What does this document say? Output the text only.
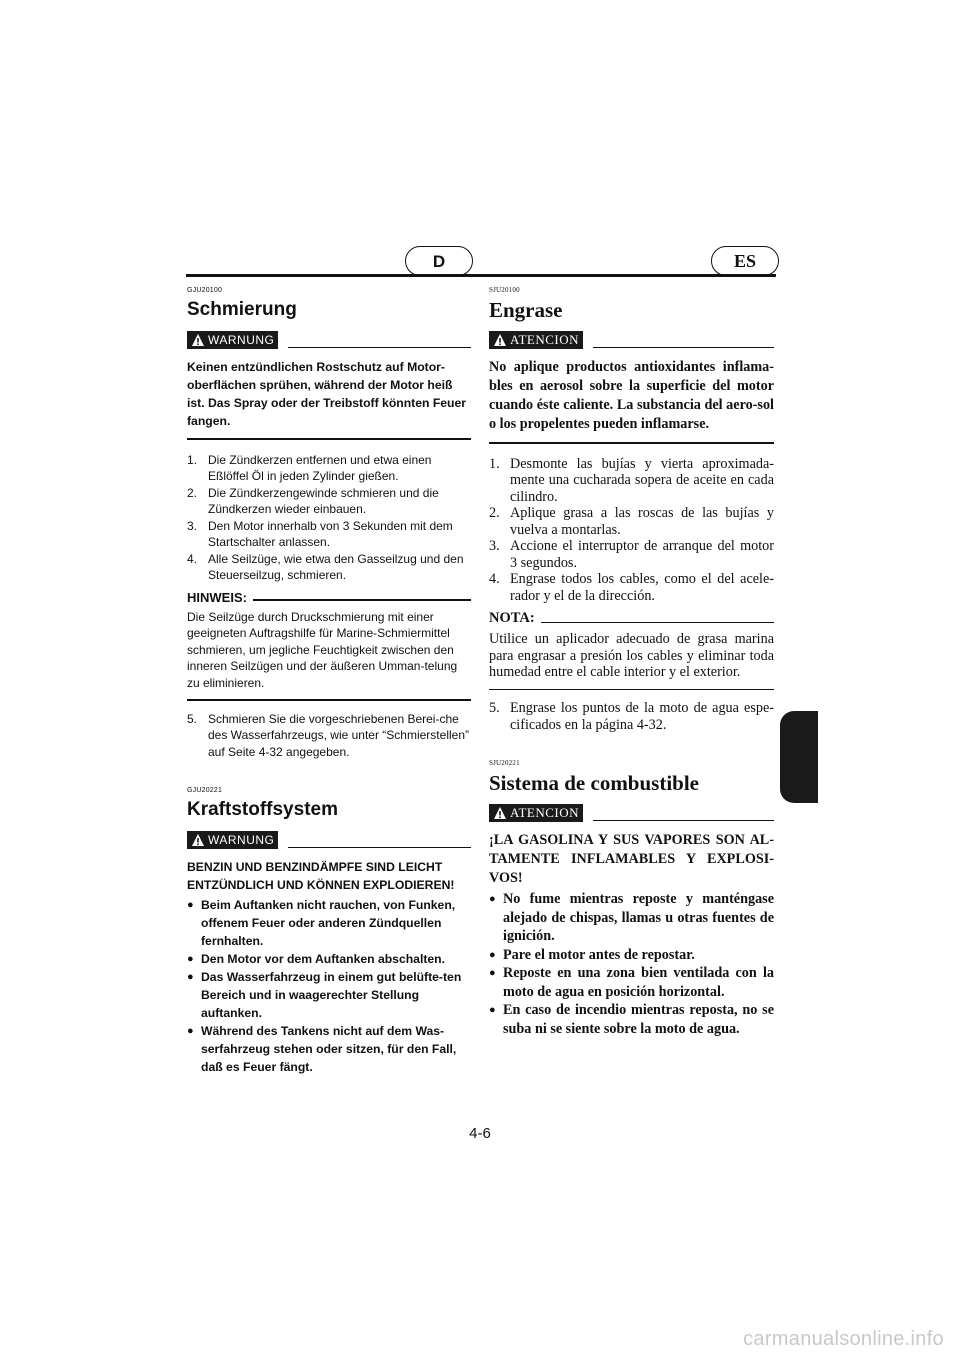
D	ES

GJU20100

Schmierung
WARNUNG

Keinen entzündlichen Rostschutz auf Motor-oberflächen sprühen, während der Motor heiß ist. Das Spray oder der Treibstoff könnten Feuer fangen.

1. Die Zündkerzen entfernen und etwa einen Eßlöffel Öl in jeden Zylinder gießen.
2. Die Zündkerzengewinde schmieren und die Zündkerzen wieder einbauen.
3. Den Motor innerhalb von 3 Sekunden mit dem Startschalter anlassen.
4. Alle Seilzüge, wie etwa den Gasseilzug und den Steuerseilzug, schmieren.
HINWEIS:

Die Seilzüge durch Druckschmierung mit einer geeigneten Auftragshilfe für Marine-Schmiermittel schmieren, um jegliche Feuchtigkeit zwischen den inneren Seilzügen und der äußeren Umman-telung zu eliminieren.

5. Schmieren Sie die vorgeschriebenen Berei-che des Wasserfahrzeugs, wie unter “Schmierstellen” auf Seite 4-32 angegeben.

GJU20221

Kraftstoffsystem
WARNUNG

BENZIN UND BENZINDÄMPFE SIND LEICHT ENTZÜNDLICH UND KÖNNEN EXPLODIEREN!

● Beim Auftanken nicht rauchen, von Funken, offenem Feuer oder anderen Zündquellen fernhalten.
● Den Motor vor dem Auftanken abschalten.
● Das Wasserfahrzeug in einem gut belüfte-ten Bereich und in waagerechter Stellung auftanken.
● Während des Tankens nicht auf dem Was-serfahrzeug stehen oder sitzen, für den Fall, daß es Feuer fängt.

SJU20100

Engrase
ATENCION

No aplique productos antioxidantes inflama-bles en aerosol sobre la superficie del motor cuando éste caliente. La substancia del aero-sol o los propelentes pueden inflamarse.

1. Desmonte las bujías y vierta aproximada-mente una cucharada sopera de aceite en cada cilindro.
2. Aplique grasa a las roscas de las bujías y vuelva a montarlas.
3. Accione el interruptor de arranque del motor 3 segundos.
4. Engrase todos los cables, como el del acele-rador y el de la dirección.
NOTA:

Utilice un aplicador adecuado de grasa marina para engrasar a presión los cables y eliminar toda humedad entre el cable interior y el exterior.

5. Engrase los puntos de la moto de agua espe-cificados en la página 4-32.

SJU20221

Sistema de combustible
ATENCION

¡LA GASOLINA Y SUS VAPORES SON AL-TAMENTE INFLAMABLES Y EXPLOSI-VOS!

● No fume mientras reposte y manténgase alejado de chispas, llamas u otras fuentes de ignición.
● Pare el motor antes de repostar.
● Reposte en una zona bien ventilada con la moto de agua en posición horizontal.
● En caso de incendio mientras reposta, no se suba ni se siente sobre la moto de agua.
4-6
carmanualsonline.info
